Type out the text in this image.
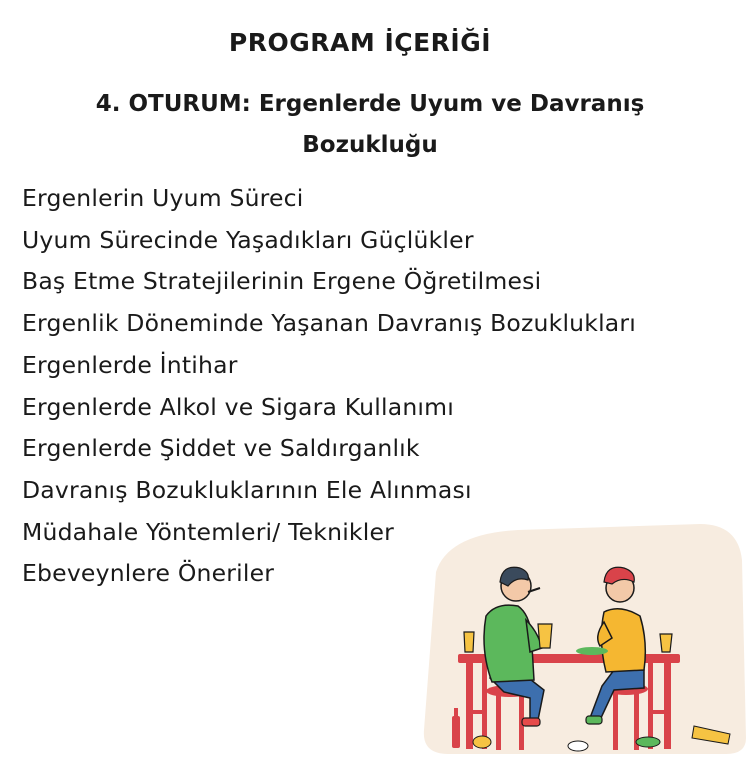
PROGRAM İÇERİĞİ
4. OTURUM: Ergenlerde Uyum ve Davranış
Bozukluğu
Ergenlerin Uyum Süreci
Uyum Sürecinde Yaşadıkları Güçlükler
Baş Etme Stratejilerinin Ergene Öğretilmesi
Ergenlik Döneminde Yaşanan Davranış Bozuklukları
Ergenlerde İntihar
Ergenlerde Alkol ve Sigara Kullanımı
Ergenlerde Şiddet ve Saldırganlık
Davranış Bozukluklarının Ele Alınması
Müdahale Yöntemleri/ Teknikler
Ebeveynlere Öneriler
